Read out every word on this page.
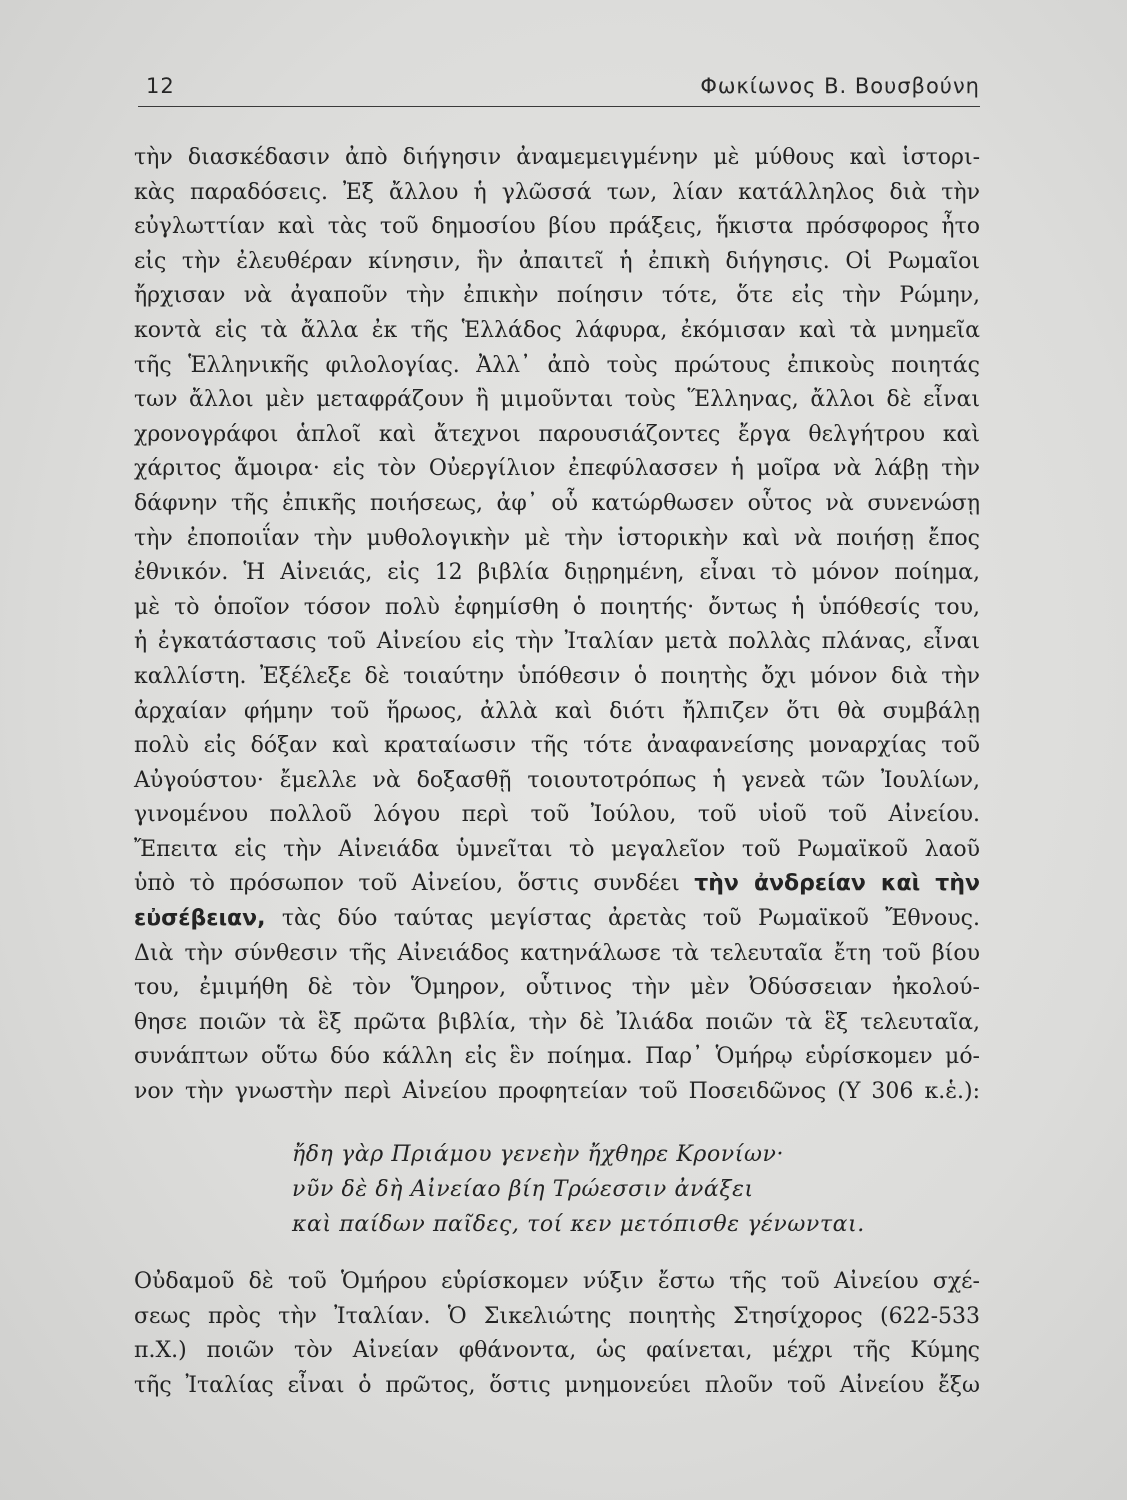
12	Φωκίωνος Β. Βουσβούνη
τὴν διασκέδασιν ἀπὸ διήγησιν ἀναμεμειγμένην μὲ μύθους καὶ ἱστορι-
κὰς παραδόσεις. Ἐξ ἄλλου ἡ γλῶσσά των, λίαν κατάλληλος διὰ τὴν
εὐγλωττίαν καὶ τὰς τοῦ δημοσίου βίου πράξεις, ἥκιστα πρόσφορος ἦτο
εἰς τὴν ἐλευθέραν κίνησιν, ἣν ἀπαιτεῖ ἡ ἐπικὴ διήγησις. Οἱ Ρωμαῖοι
ἤρχισαν νὰ ἀγαποῦν τὴν ἐπικὴν ποίησιν τότε, ὅτε εἰς τὴν Ρώμην,
κοντὰ εἰς τὰ ἄλλα ἐκ τῆς Ἑλλάδος λάφυρα, ἐκόμισαν καὶ τὰ μνημεῖα
τῆς Ἑλληνικῆς φιλολογίας. Ἀλλ᾽ ἀπὸ τοὺς πρώτους ἐπικοὺς ποιητάς
των ἄλλοι μὲν μεταφράζουν ἢ μιμοῦνται τοὺς Ἕλληνας, ἄλλοι δὲ εἶναι
χρονογράφοι ἁπλοῖ καὶ ἄτεχνοι παρουσιάζοντες ἔργα θελγήτρου καὶ
χάριτος ἄμοιρα· εἰς τὸν Οὐεργίλιον ἐπεφύλασσεν ἡ μοῖρα νὰ λάβῃ τὴν
δάφνην τῆς ἐπικῆς ποιήσεως, ἀφ᾽ οὗ κατώρθωσεν οὗτος νὰ συνενώσῃ
τὴν ἐποποιΐαν τὴν μυθολογικὴν μὲ τὴν ἱστορικὴν καὶ νὰ ποιήσῃ ἔπος
ἐθνικόν. Ἡ Αἰνειάς, εἰς 12 βιβλία διῃρημένη, εἶναι τὸ μόνον ποίημα,
μὲ τὸ ὁποῖον τόσον πολὺ ἐφημίσθη ὁ ποιητής· ὄντως ἡ ὑπόθεσίς του,
ἡ ἐγκατάστασις τοῦ Αἰνείου εἰς τὴν Ἰταλίαν μετὰ πολλὰς πλάνας, εἶναι
καλλίστη. Ἐξέλεξε δὲ τοιαύτην ὑπόθεσιν ὁ ποιητὴς ὄχι μόνον διὰ τὴν
ἀρχαίαν φήμην τοῦ ἥρωος, ἀλλὰ καὶ διότι ἤλπιζεν ὅτι θὰ συμβάλῃ
πολὺ εἰς δόξαν καὶ κραταίωσιν τῆς τότε ἀναφανείσης μοναρχίας τοῦ
Αὐγούστου· ἔμελλε νὰ δοξασθῇ τοιουτοτρόπως ἡ γενεὰ τῶν Ἰουλίων,
γινομένου πολλοῦ λόγου περὶ τοῦ Ἰούλου, τοῦ υἱοῦ τοῦ Αἰνείου.
Ἔπειτα εἰς τὴν Αἰνειάδα ὑμνεῖται τὸ μεγαλεῖον τοῦ Ρωμαϊκοῦ λαοῦ
ὑπὸ τὸ πρόσωπον τοῦ Αἰνείου, ὅστις συνδέει τὴν ἀνδρείαν καὶ τὴν
εὐσέβειαν, τὰς δύο ταύτας μεγίστας ἀρετὰς τοῦ Ρωμαϊκοῦ Ἔθνους.
Διὰ τὴν σύνθεσιν τῆς Αἰνειάδος κατηνάλωσε τὰ τελευταῖα ἔτη τοῦ βίου
του, ἐμιμήθη δὲ τὸν Ὅμηρον, οὗτινος τὴν μὲν Ὀδύσσειαν ἠκολού-
θησε ποιῶν τὰ ἓξ πρῶτα βιβλία, τὴν δὲ Ἰλιάδα ποιῶν τὰ ἓξ τελευταῖα,
συνάπτων οὕτω δύο κάλλη εἰς ἓν ποίημα. Παρ᾽ Ὁμήρῳ εὑρίσκομεν μό-
νον τὴν γνωστὴν περὶ Αἰνείου προφητείαν τοῦ Ποσειδῶνος (Υ 306 κ.ἑ.):
ἤδη γὰρ Πριάμου γενεὴν ἤχθηρε Κρονίων·
νῦν δὲ δὴ Αἰνείαο βίη Τρώεσσιν ἀνάξει
καὶ παίδων παῖδες, τοί κεν μετόπισθε γένωνται.
Οὐδαμοῦ δὲ τοῦ Ὁμήρου εὑρίσκομεν νύξιν ἔστω τῆς τοῦ Αἰνείου σχέ-
σεως πρὸς τὴν Ἰταλίαν. Ὁ Σικελιώτης ποιητὴς Στησίχορος (622-533
π.Χ.) ποιῶν τὸν Αἰνείαν φθάνοντα, ὡς φαίνεται, μέχρι τῆς Κύμης
τῆς Ἰταλίας εἶναι ὁ πρῶτος, ὅστις μνημονεύει πλοῦν τοῦ Αἰνείου ἔξω
